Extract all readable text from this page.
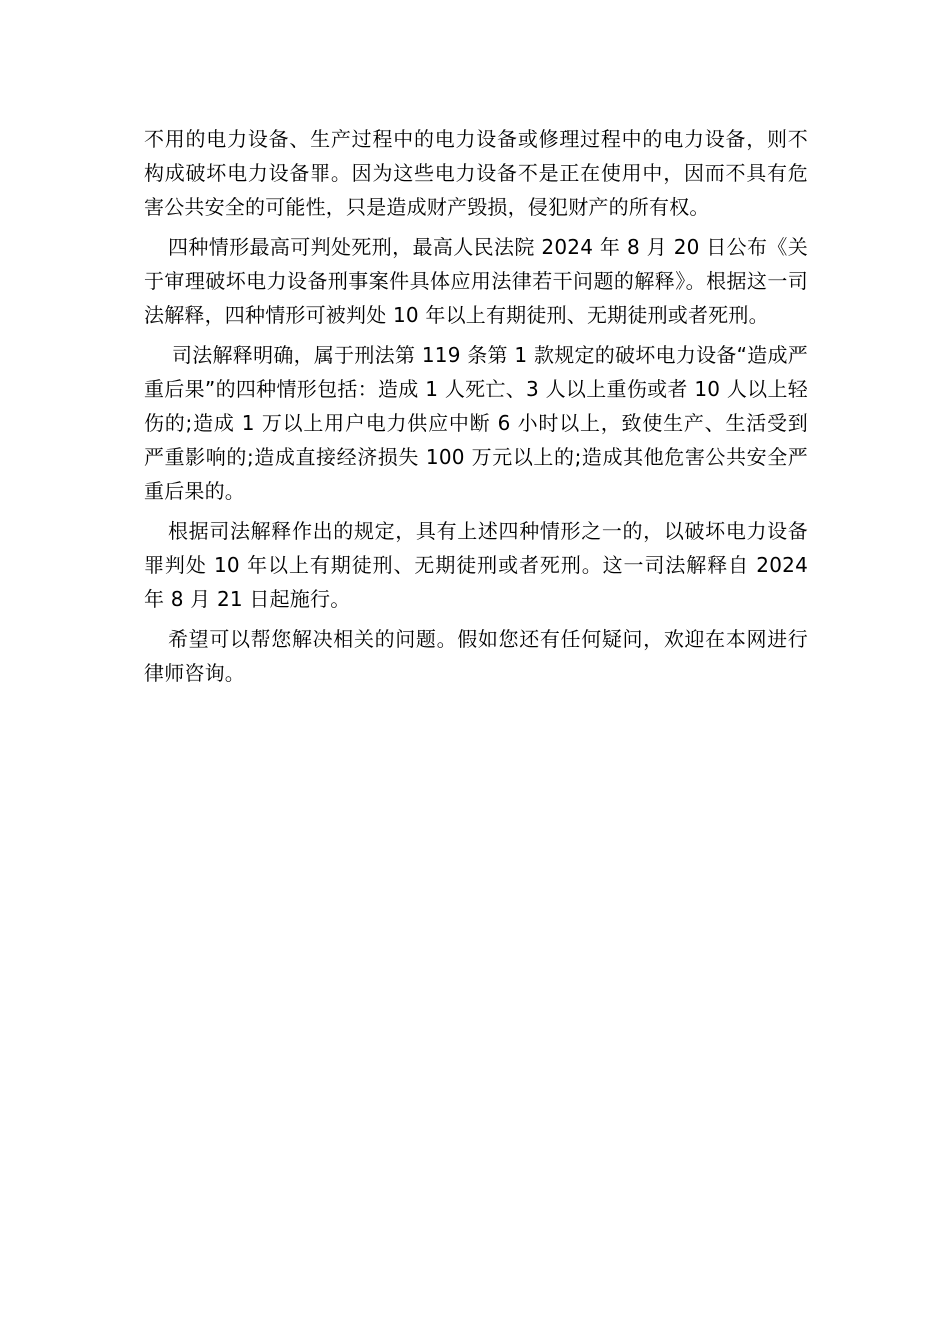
不用的电力设备、生产过程中的电力设备或修理过程中的电力设备，则不构成破坏电力设备罪。因为这些电力设备不是正在使用中，因而不具有危害公共安全的可能性，只是造成财产毁损，侵犯财产的所有权。

四种情形最高可判处死刑，最高人民法院 2024 年 8 月 20 日公布《关于审理破坏电力设备刑事案件具体应用法律若干问题的解释》。根据这一司法解释，四种情形可被判处 10 年以上有期徒刑、无期徒刑或者死刑。

司法解释明确，属于刑法第 119 条第 1 款规定的破坏电力设备“造成严重后果”的四种情形包括：造成 1 人死亡、3 人以上重伤或者 10 人以上轻伤的;造成 1 万以上用户电力供应中断 6 小时以上，致使生产、生活受到严重影响的;造成直接经济损失 100 万元以上的;造成其他危害公共安全严重后果的。

根据司法解释作出的规定，具有上述四种情形之一的，以破坏电力设备罪判处 10 年以上有期徒刑、无期徒刑或者死刑。这一司法解释自 2024 年 8 月 21 日起施行。

希望可以帮您解决相关的问题。假如您还有任何疑问，欢迎在本网进行律师咨询。
